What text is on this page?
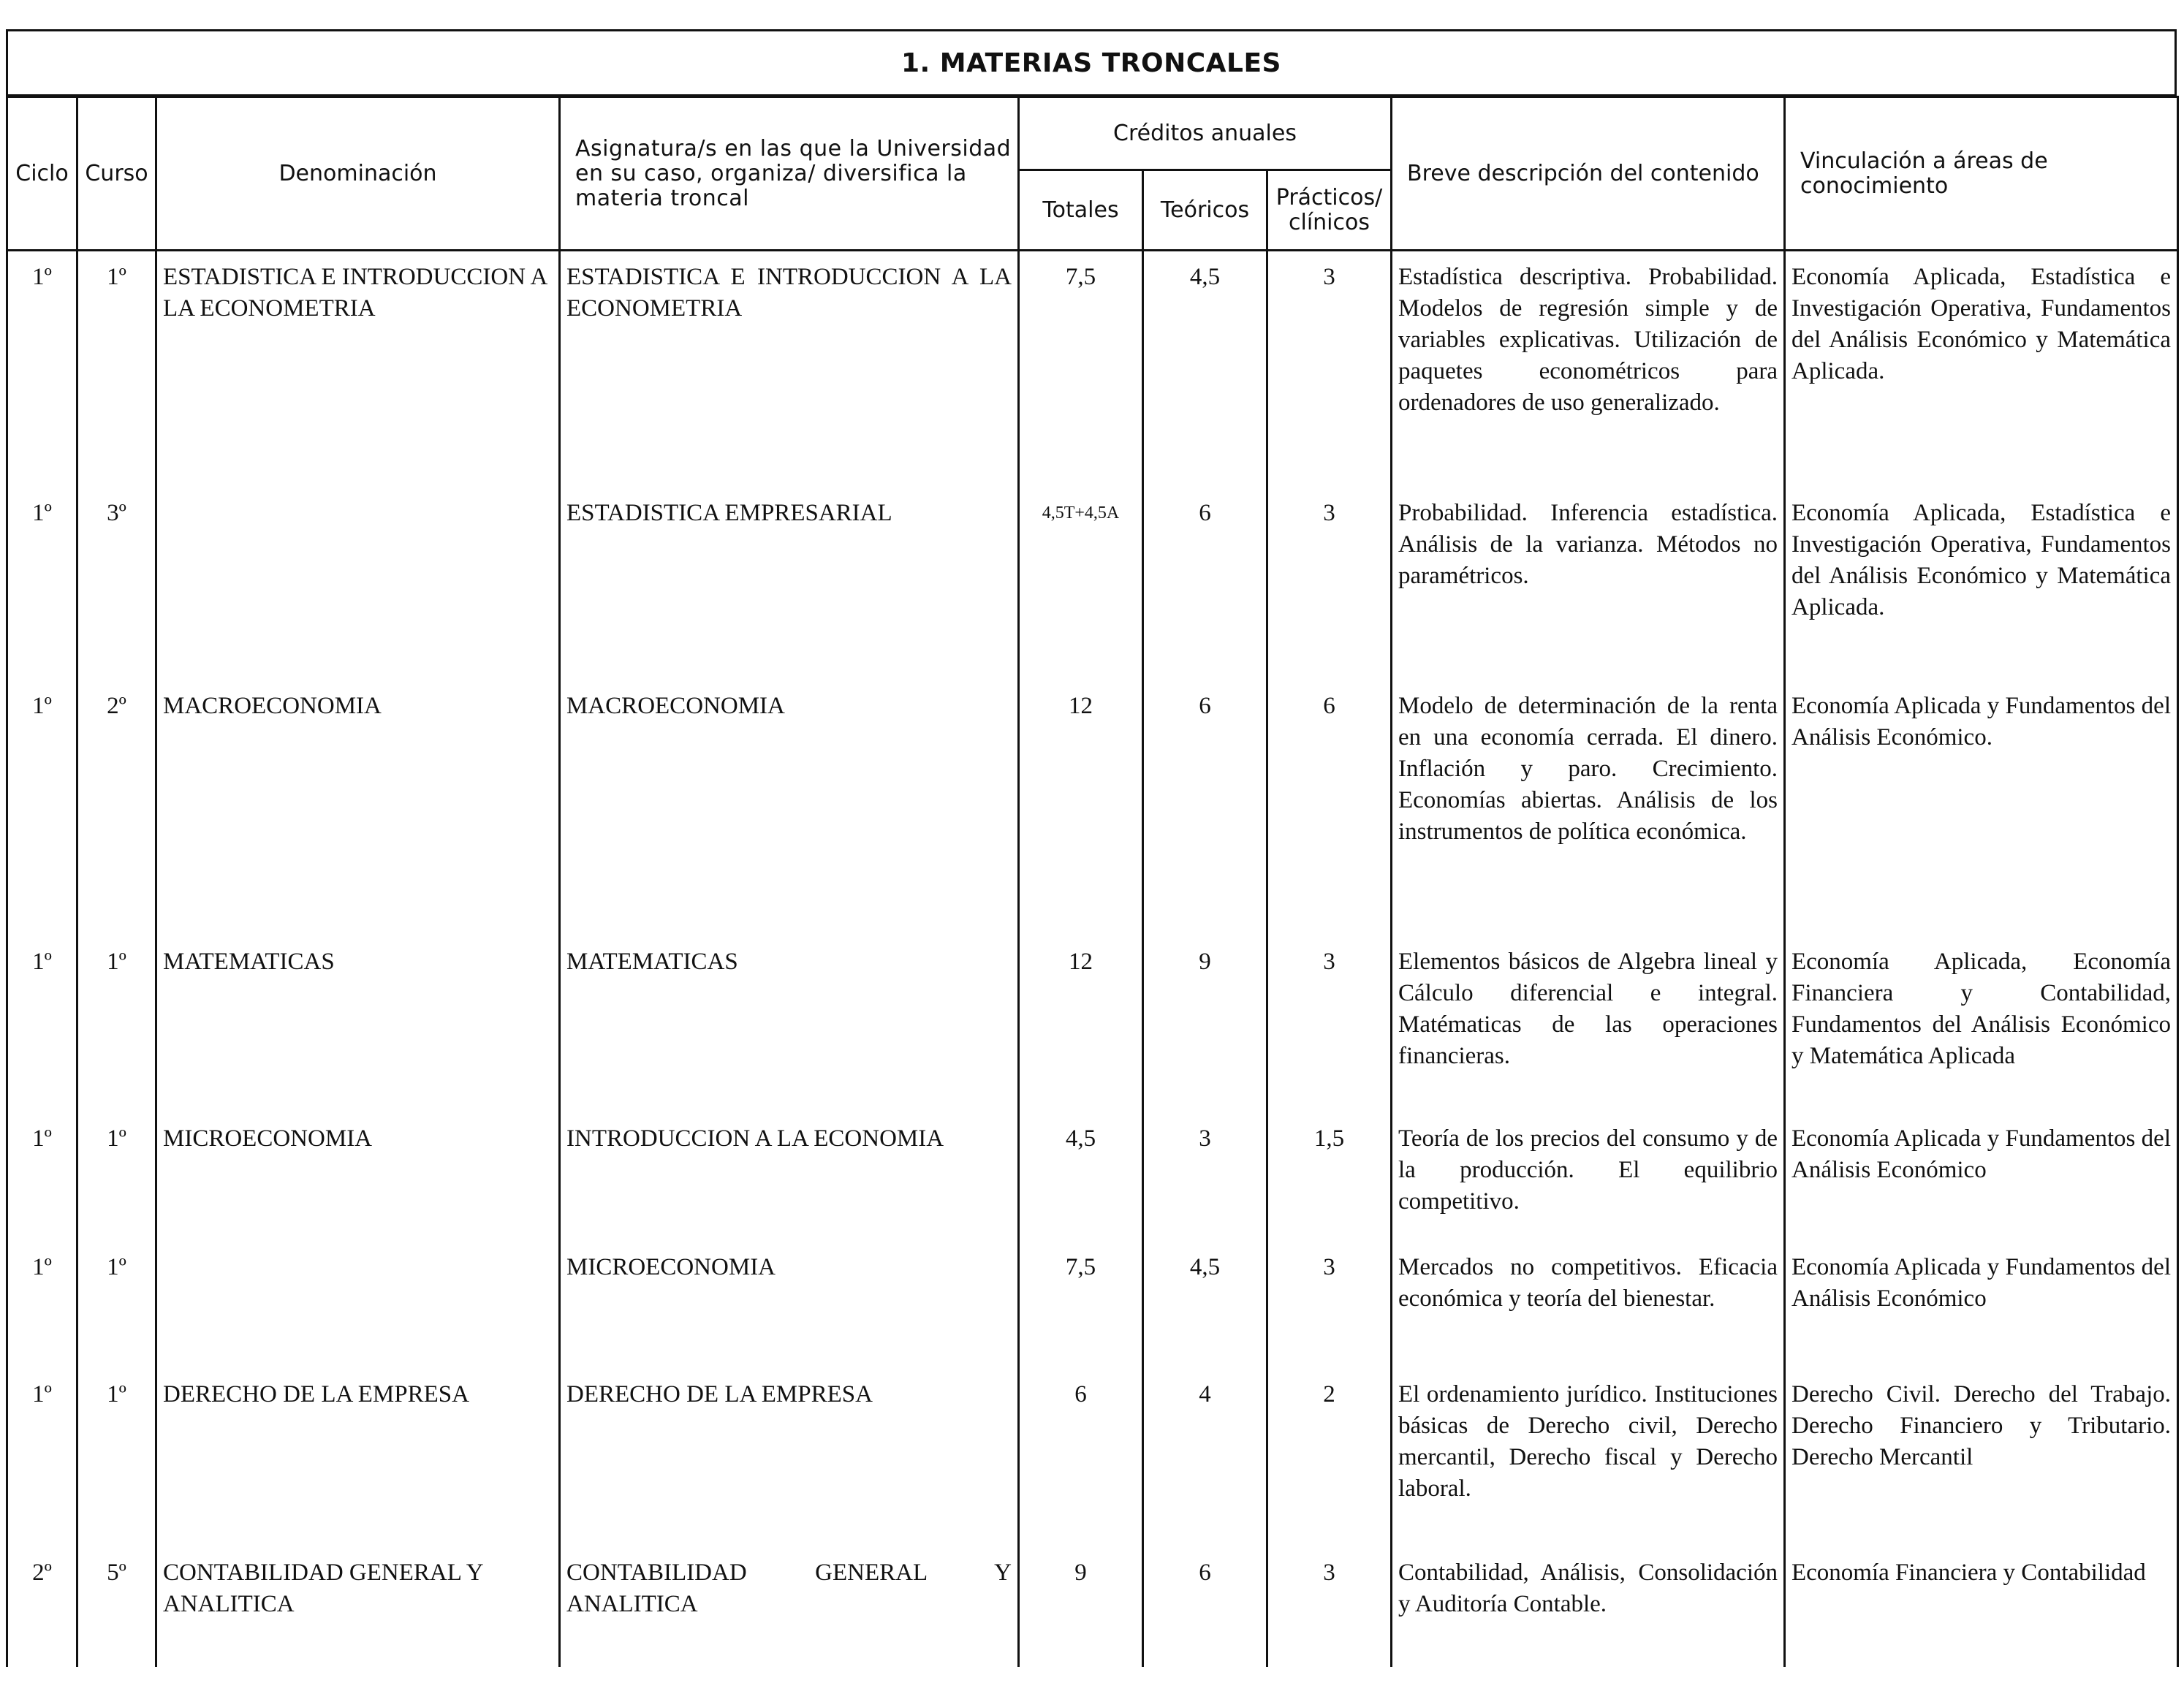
1. MATERIAS TRONCALES
Ciclo	Curso	Denominación	Asignatura/s en las que la Universidad en su caso, organiza/ diversifica la materia troncal	Créditos anuales			Breve descripción del contenido	Vinculación a áreas de conocimiento
				Totales	Teóricos	Prácticos/ clínicos		
1º	1º	ESTADISTICA E INTRODUCCION A LA ECONOMETRIA	ESTADISTICA E INTRODUCCION A LA ECONOMETRIA	7,5	4,5	3	Estadística descriptiva. Probabilidad. Modelos de regresión simple y de variables explicativas. Utilización de paquetes econométricos para ordenadores de uso generalizado.	Economía Aplicada, Estadística e Investigación Operativa, Fundamentos del Análisis Económico y Matemática Aplicada.
1º	3º		ESTADISTICA EMPRESARIAL	4,5T+4,5A	6	3	Probabilidad. Inferencia estadística. Análisis de la varianza. Métodos no paramétricos.	Economía Aplicada, Estadística e Investigación Operativa, Fundamentos del Análisis Económico y Matemática Aplicada.
1º	2º	MACROECONOMIA	MACROECONOMIA	12	6	6	Modelo de determinación de la renta en una economía cerrada. El dinero. Inflación y paro. Crecimiento. Economías abiertas. Análisis de los instrumentos de política económica.	Economía Aplicada y Fundamentos del Análisis Económico.
1º	1º	MATEMATICAS	MATEMATICAS	12	9	3	Elementos básicos de Algebra lineal y Cálculo diferencial e integral. Matématicas de las operaciones financieras.	Economía Aplicada, Economía Financiera y Contabilidad, Fundamentos del Análisis Económico y Matemática Aplicada
1º	1º	MICROECONOMIA	INTRODUCCION A LA ECONOMIA	4,5	3	1,5	Teoría de los precios del consumo y de la producción. El equilibrio competitivo.	Economía Aplicada y Fundamentos del Análisis Económico
1º	1º		MICROECONOMIA	7,5	4,5	3	Mercados no competitivos. Eficacia económica y teoría del bienestar.	Economía Aplicada y Fundamentos del Análisis Económico
1º	1º	DERECHO DE LA EMPRESA	DERECHO DE LA EMPRESA	6	4	2	El ordenamiento jurídico. Instituciones básicas de Derecho civil, Derecho mercantil, Derecho fiscal y Derecho laboral.	Derecho Civil. Derecho del Trabajo. Derecho Financiero y Tributario. Derecho Mercantil
2º	5º	CONTABILIDAD GENERAL Y ANALITICA	CONTABILIDAD GENERAL Y ANALITICA	9	6	3	Contabilidad, Análisis, Consolidación y Auditoría Contable.	Economía Financiera y Contabilidad
